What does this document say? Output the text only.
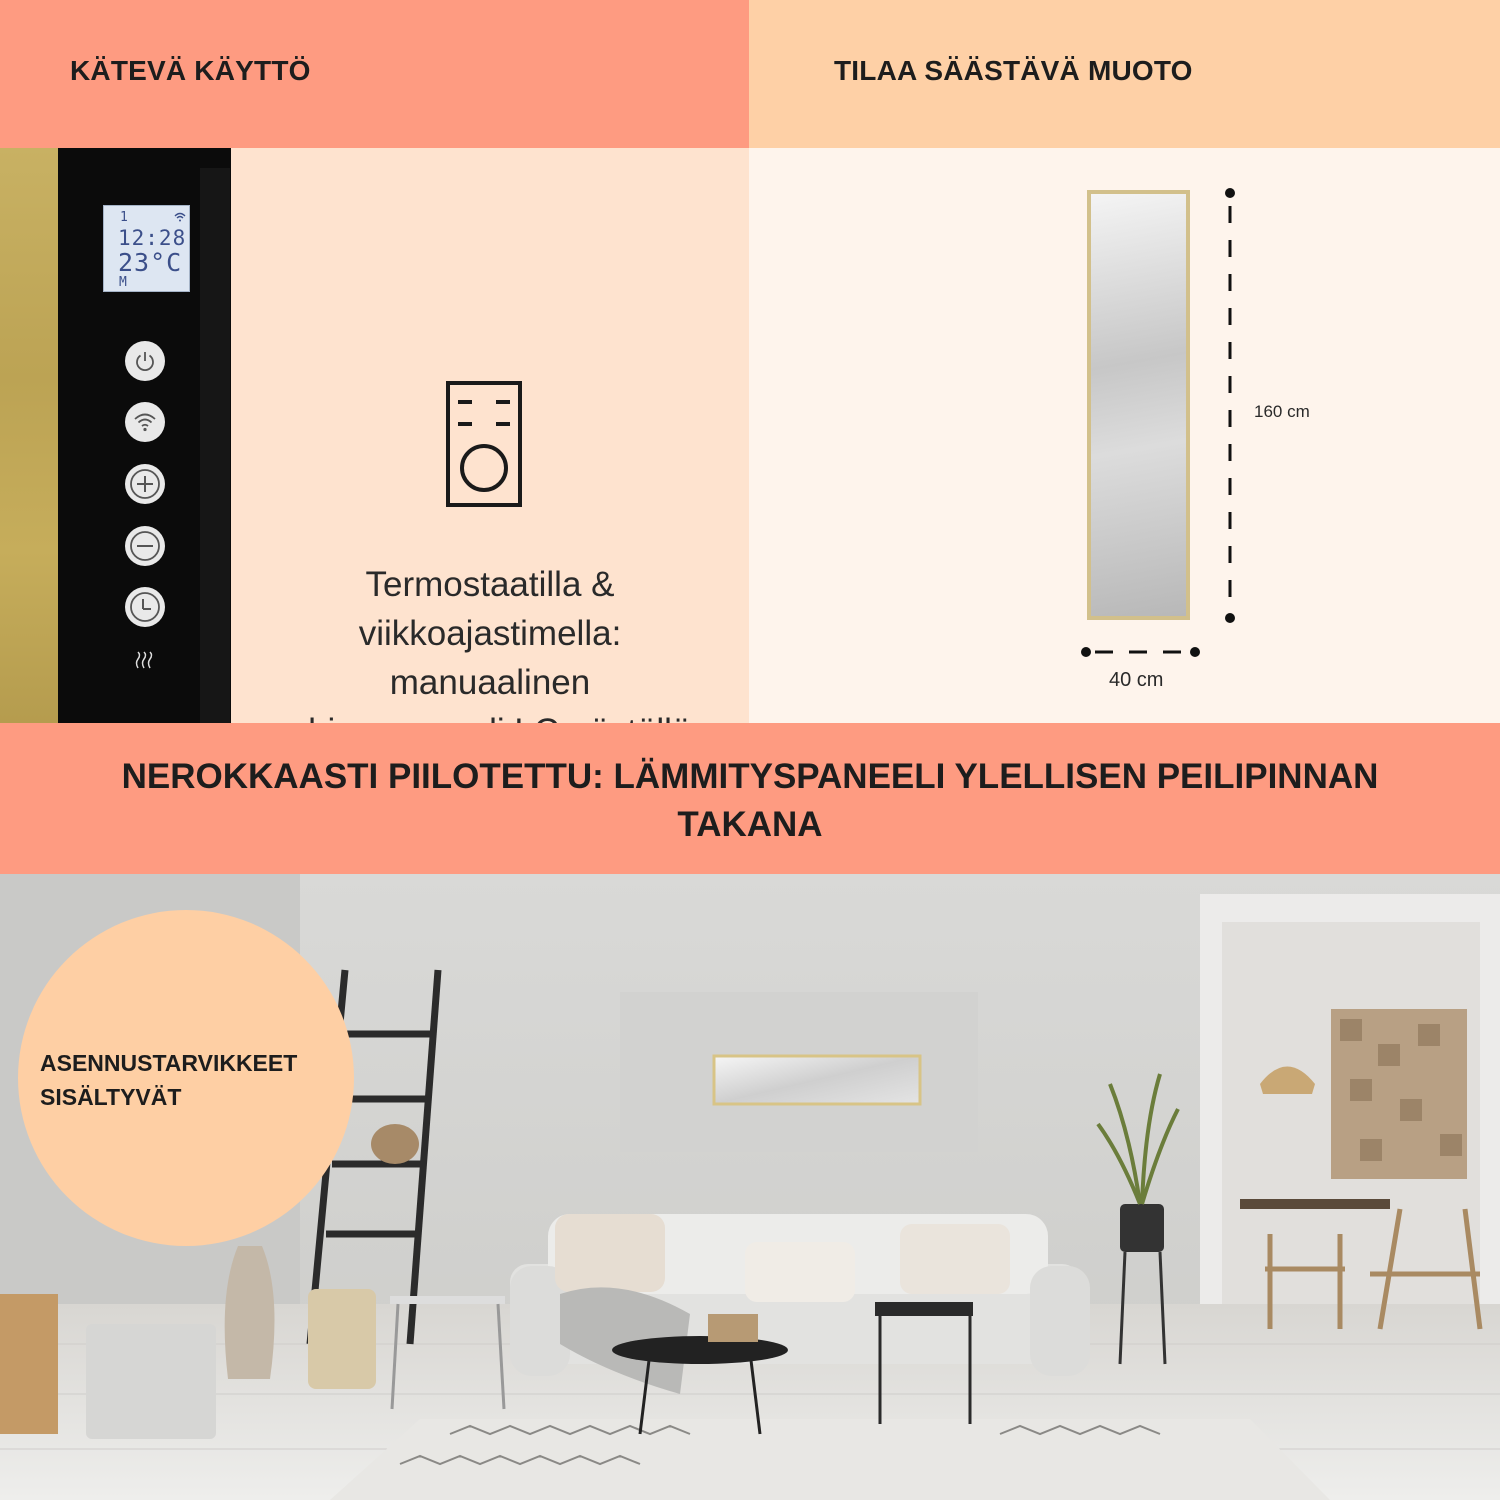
KÄTEVÄ KÄYTTÖ	TILAA SÄÄSTÄVÄ MUOTO
1
12:28
23°C
M
Termostaatilla &
viikkoajastimella:
manuaalinen
160 cm
40 cm
NEROKKAASTI PIILOTETTU: LÄMMITYSPANEELI YLELLISEN PEILIPINNAN
TAKANA
ASENNUSTARVIKKEET
SISÄLTYVÄT
